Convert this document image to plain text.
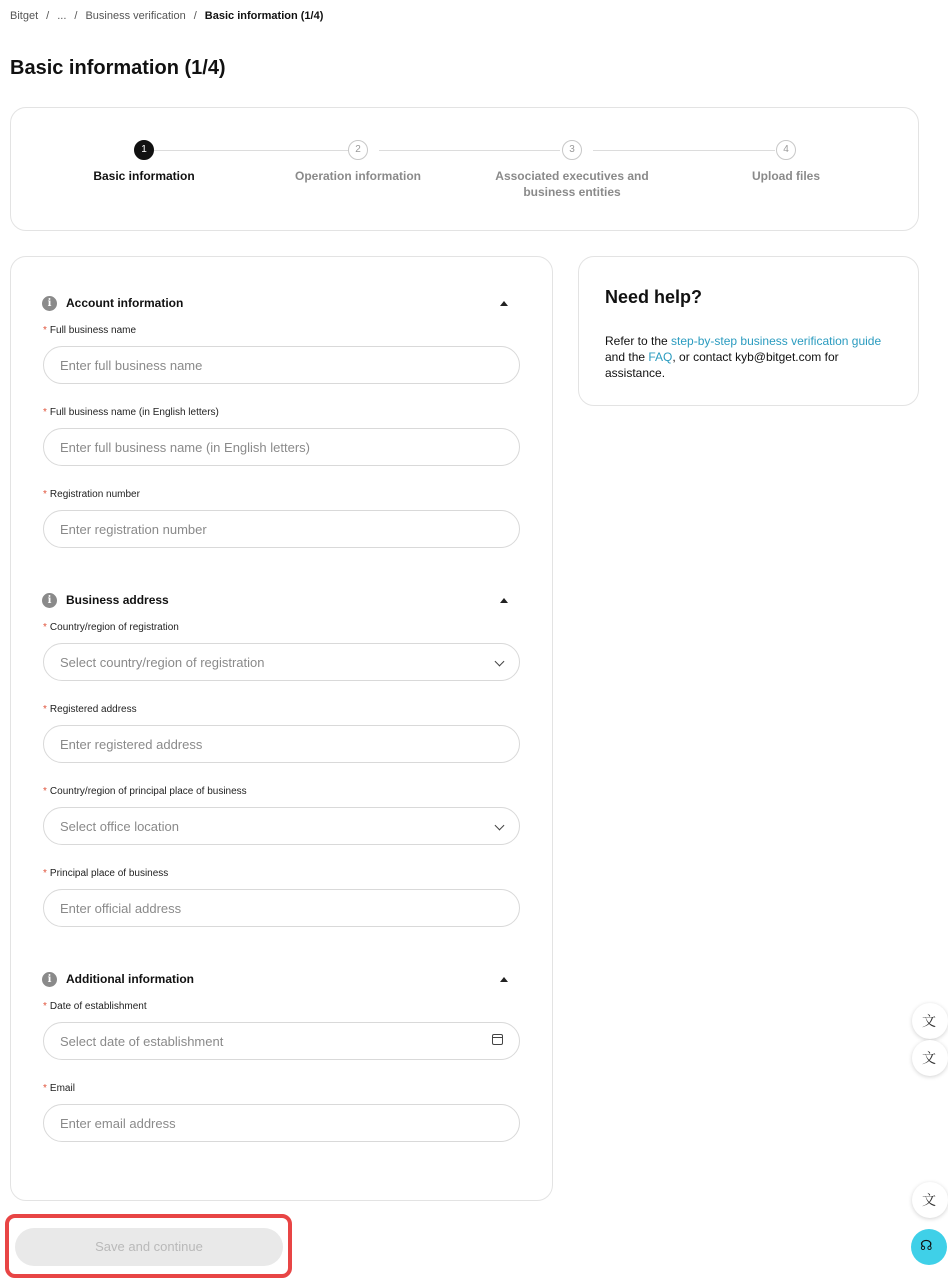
Bitget / ... / Business verification / Basic information (1/4)
Basic information (1/4)
1
Basic information
2
Operation information
3
Associated executives and business entities
4
Upload files
i	Account information
* Full business name
Enter full business name
* Full business name (in English letters)
Enter full business name (in English letters)
* Registration number
Enter registration number
i	Business address
* Country/region of registration
Select country/region of registration
* Registered address
Enter registered address
* Country/region of principal place of business
Select office location
* Principal place of business
Enter official address
i	Additional information
* Date of establishment
Select date of establishment
* Email
Enter email address
Need help?
Refer to the step-by-step business verification guide and the FAQ, or contact kyb@bitget.com for assistance.
Save and continue
文
文
文
☊
